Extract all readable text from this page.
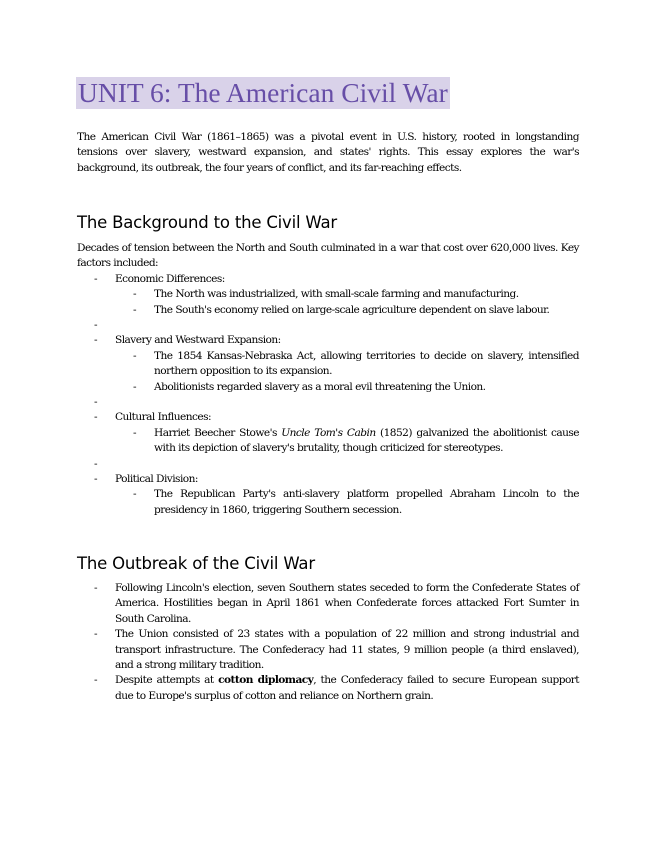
UNIT 6: The American Civil War

The American Civil War (1861–1865) was a pivotal event in U.S. history, rooted in longstanding tensions over slavery, westward expansion, and states' rights. This essay explores the war's background, its outbreak, the four years of conflict, and its far-reaching effects.

The Background to the Civil War

Decades of tension between the North and South culminated in a war that cost over 620,000 lives. Key factors included:

- Economic Differences:
- The North was industrialized, with small-scale farming and manufacturing.
- The South's economy relied on large-scale agriculture dependent on slave labour.
-
- Slavery and Westward Expansion:
- The 1854 Kansas-Nebraska Act, allowing territories to decide on slavery, intensified northern opposition to its expansion.
- Abolitionists regarded slavery as a moral evil threatening the Union.
-
- Cultural Influences:
- Harriet Beecher Stowe's Uncle Tom's Cabin (1852) galvanized the abolitionist cause with its depiction of slavery's brutality, though criticized for stereotypes.
-
- Political Division:
- The Republican Party's anti-slavery platform propelled Abraham Lincoln to the presidency in 1860, triggering Southern secession.
The Outbreak of the Civil War
- Following Lincoln's election, seven Southern states seceded to form the Confederate States of America. Hostilities began in April 1861 when Confederate forces attacked Fort Sumter in South Carolina.
- The Union consisted of 23 states with a population of 22 million and strong industrial and transport infrastructure. The Confederacy had 11 states, 9 million people (a third enslaved), and a strong military tradition.
- Despite attempts at cotton diplomacy, the Confederacy failed to secure European support due to Europe's surplus of cotton and reliance on Northern grain.
